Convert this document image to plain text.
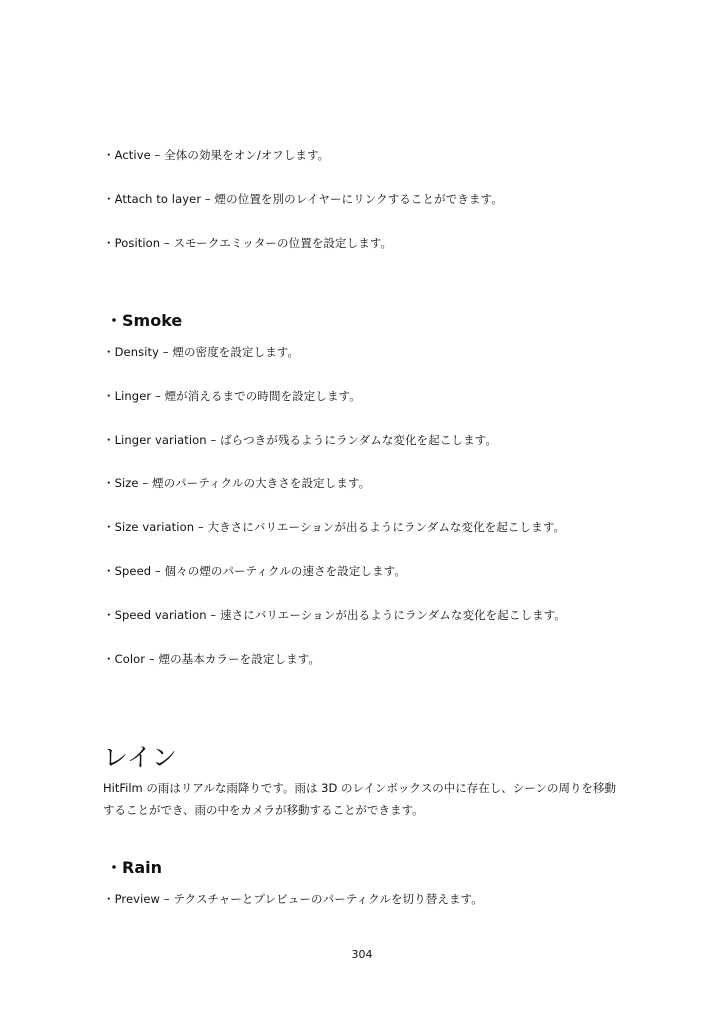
・Active – 全体の効果をオン/オフします。
・Attach to layer – 煙の位置を別のレイヤーにリンクすることができます。
・Position – スモークエミッターの位置を設定します。
・Smoke
・Density – 煙の密度を設定します。
・Linger – 煙が消えるまでの時間を設定します。
・Linger variation – ばらつきが残るようにランダムな変化を起こします。
・Size – 煙のパーティクルの大きさを設定します。
・Size variation – 大きさにバリエーションが出るようにランダムな変化を起こします。
・Speed – 個々の煙のパーティクルの速さを設定します。
・Speed variation – 速さにバリエーションが出るようにランダムな変化を起こします。
・Color – 煙の基本カラーを設定します。
レイン
HitFilm の雨はリアルな雨降りです。雨は 3D のレインボックスの中に存在し、シーンの周りを移動
することができ、雨の中をカメラが移動することができます。
・Rain
・Preview – テクスチャーとプレビューのパーティクルを切り替えます。
304
